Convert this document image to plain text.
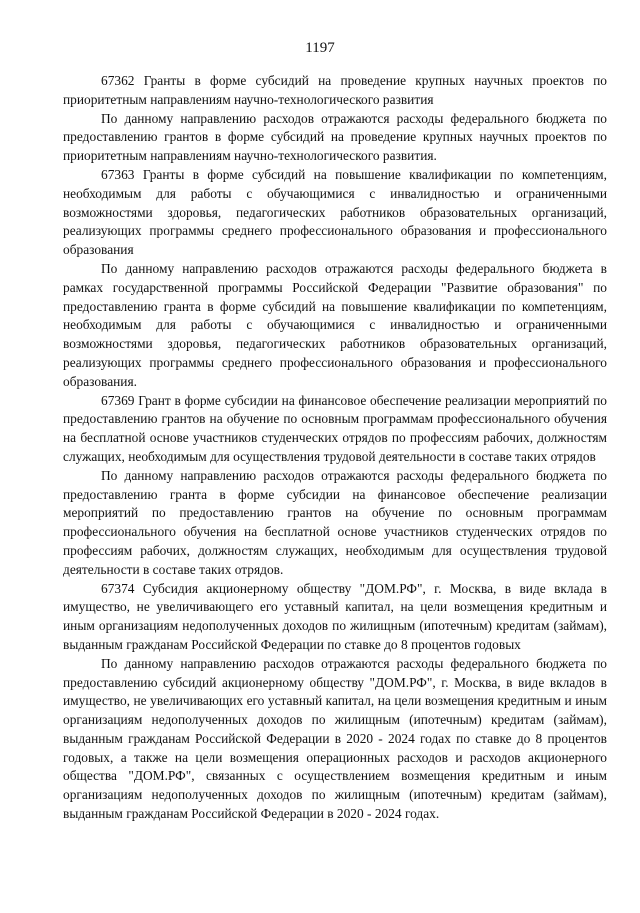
1197

67362 Гранты в форме субсидий на проведение крупных научных проектов по приоритетным направлениям научно-технологического развития

По данному направлению расходов отражаются расходы федерального бюджета по предоставлению грантов в форме субсидий на проведение крупных научных проектов по приоритетным направлениям научно-технологического развития.

67363 Гранты в форме субсидий на повышение квалификации по компетенциям, необходимым для работы с обучающимися с инвалидностью и ограниченными возможностями здоровья, педагогических работников образовательных организаций, реализующих программы среднего профессионального образования и профессионального образования

По данному направлению расходов отражаются расходы федерального бюджета в рамках государственной программы Российской Федерации "Развитие образования" по предоставлению гранта в форме субсидий на повышение квалификации по компетенциям, необходимым для работы с обучающимися с инвалидностью и ограниченными возможностями здоровья, педагогических работников образовательных организаций, реализующих программы среднего профессионального образования и профессионального образования.

67369 Грант в форме субсидии на финансовое обеспечение реализации мероприятий по предоставлению грантов на обучение по основным программам профессионального обучения на бесплатной основе участников студенческих отрядов по профессиям рабочих, должностям служащих, необходимым для осуществления трудовой деятельности в составе таких отрядов

По данному направлению расходов отражаются расходы федерального бюджета по предоставлению гранта в форме субсидии на финансовое обеспечение реализации мероприятий по предоставлению грантов на обучение по основным программам профессионального обучения на бесплатной основе участников студенческих отрядов по профессиям рабочих, должностям служащих, необходимым для осуществления трудовой деятельности в составе таких отрядов.

67374 Субсидия акционерному обществу "ДОМ.РФ", г. Москва, в виде вклада в имущество, не увеличивающего его уставный капитал, на цели возмещения кредитным и иным организациям недополученных доходов по жилищным (ипотечным) кредитам (займам), выданным гражданам Российской Федерации по ставке до 8 процентов годовых

По данному направлению расходов отражаются расходы федерального бюджета по предоставлению субсидий акционерному обществу "ДОМ.РФ", г. Москва, в виде вкладов в имущество, не увеличивающих его уставный капитал, на цели возмещения кредитным и иным организациям недополученных доходов по жилищным (ипотечным) кредитам (займам), выданным гражданам Российской Федерации в 2020 - 2024 годах по ставке до 8 процентов годовых, а также на цели возмещения операционных расходов и расходов акционерного общества "ДОМ.РФ", связанных с осуществлением возмещения кредитным и иным организациям недополученных доходов по жилищным (ипотечным) кредитам (займам), выданным гражданам Российской Федерации в 2020 - 2024 годах.
